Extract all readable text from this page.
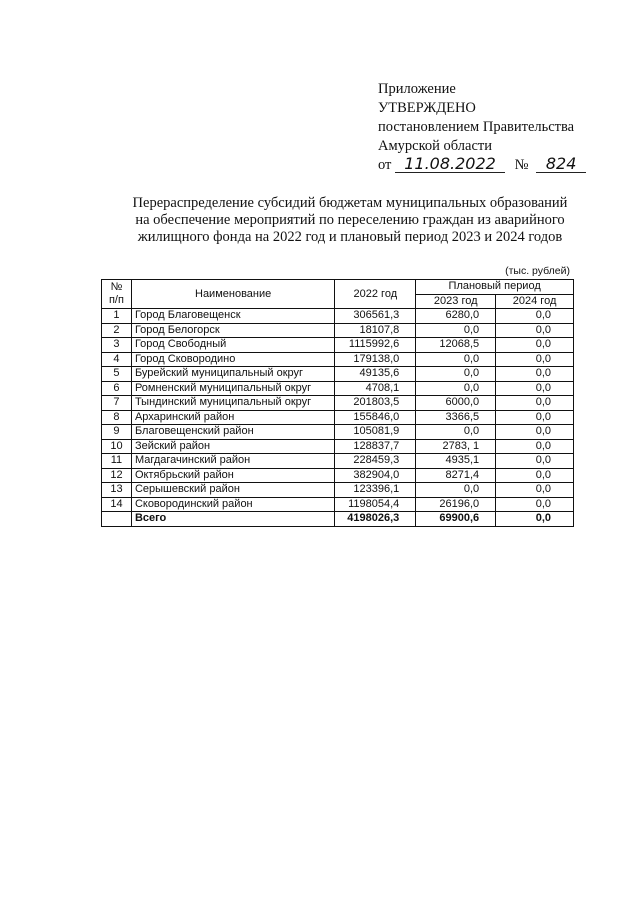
Приложение
УТВЕРЖДЕНО
постановлением Правительства
Амурской области
от 11.08.2022 № 824
Перераспределение субсидий бюджетам муниципальных образований
на обеспечение мероприятий по переселению граждан из аварийного
жилищного фонда на 2022 год и плановый период 2023 и 2024 годов
(тыс. рублей)
№ п/п	Наименование	2022 год	Плановый период	
			2023 год	2024 год
1	Город Благовещенск	306561,3	6280,0	0,0
2	Город Белогорск	18107,8	0,0	0,0
3	Город Свободный	1115992,6	12068,5	0,0
4	Город Сковородино	179138,0	0,0	0,0
5	Бурейский муниципальный округ	49135,6	0,0	0,0
6	Ромненский муниципальный округ	4708,1	0,0	0,0
7	Тындинский муниципальный округ	201803,5	6000,0	0,0
8	Архаринский район	155846,0	3366,5	0,0
9	Благовещенский район	105081,9	0,0	0,0
10	Зейский район	128837,7	2783, 1	0,0
11	Магдагачинский район	228459,3	4935,1	0,0
12	Октябрьский район	382904,0	8271,4	0,0
13	Серышевский район	123396,1	0,0	0,0
14	Сковородинский район	1198054,4	26196,0	0,0
	Всего	4198026,3	69900,6	0,0
